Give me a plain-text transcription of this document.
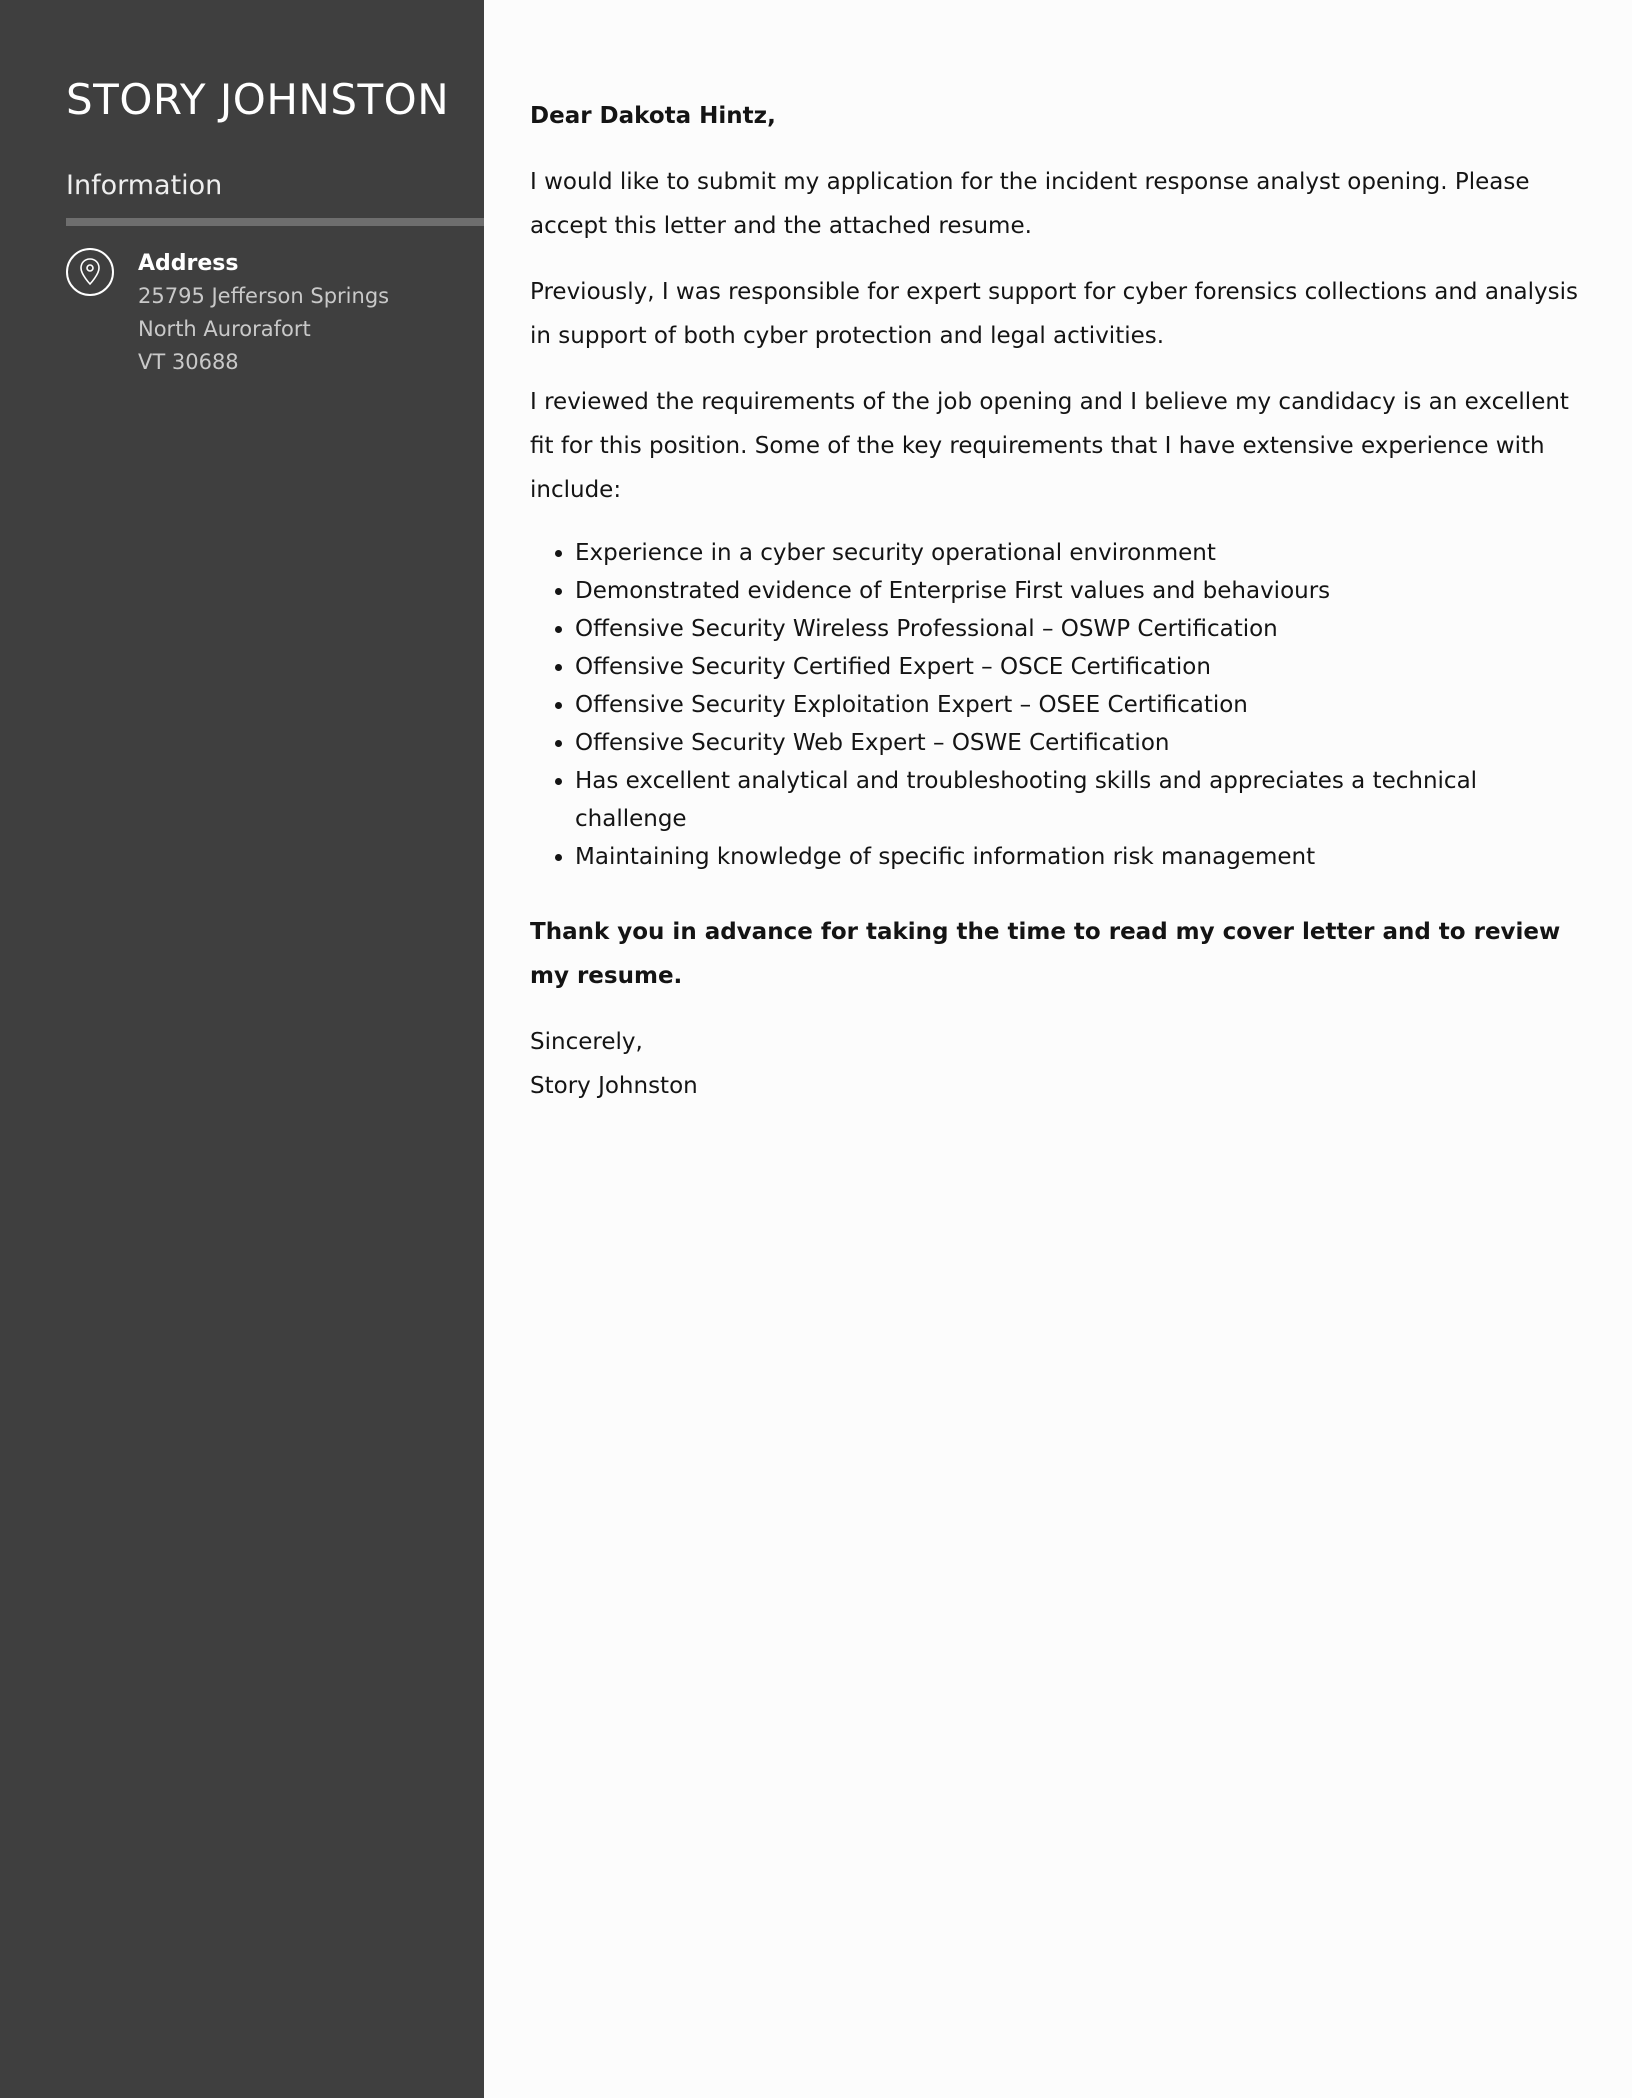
STORY JOHNSTON
Information
Address
25795 Jefferson Springs
North Aurorafort
VT 30688

Dear Dakota Hintz,

I would like to submit my application for the incident response analyst opening. Please accept this letter and the attached resume.

Previously, I was responsible for expert support for cyber forensics collections and analysis in support of both cyber protection and legal activities.

I reviewed the requirements of the job opening and I believe my candidacy is an excellent fit for this position. Some of the key requirements that I have extensive experience with include:

• Experience in a cyber security operational environment
• Demonstrated evidence of Enterprise First values and behaviours
• Offensive Security Wireless Professional – OSWP Certification
• Offensive Security Certified Expert – OSCE Certification
• Offensive Security Exploitation Expert – OSEE Certification
• Offensive Security Web Expert – OSWE Certification
• Has excellent analytical and troubleshooting skills and appreciates a technical challenge
• Maintaining knowledge of specific information risk management

Thank you in advance for taking the time to read my cover letter and to review my resume.

Sincerely,

Story Johnston
